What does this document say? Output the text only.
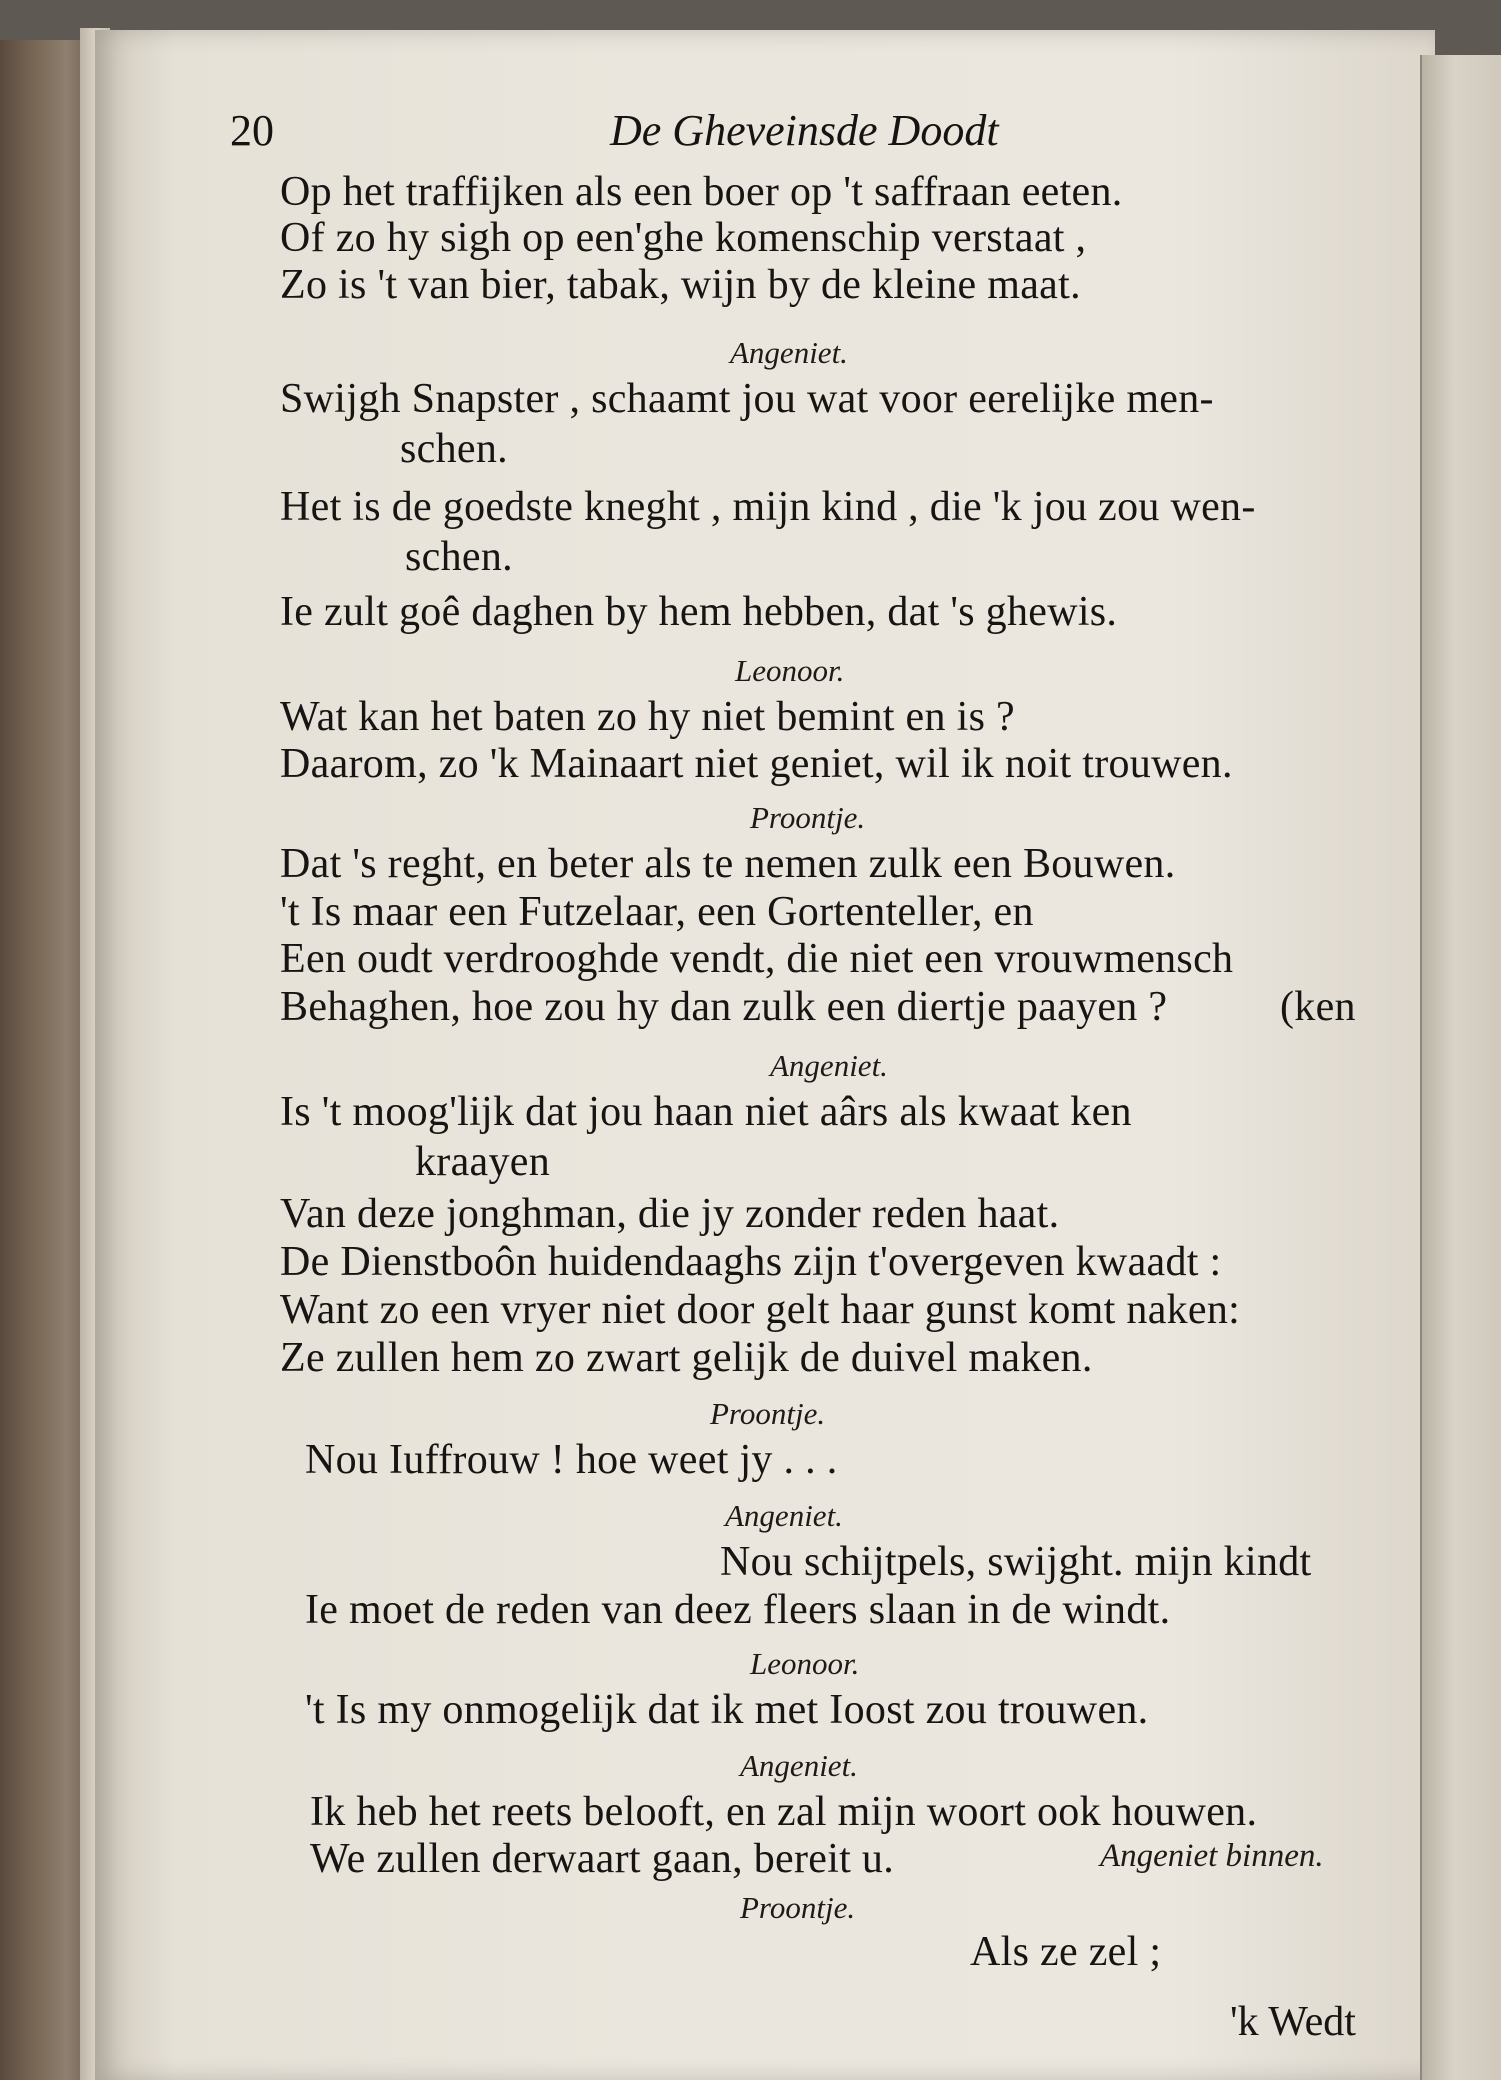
20	De Gheveinsde Doodt
Op het traffijken als een boer op 't saffraan eeten.
Of zo hy sigh op een'ghe komenschip verstaat ,
Zo is 't van bier, tabak, wijn by de kleine maat.
Angeniet.
Swijgh Snapster , schaamt jou wat voor eerelijke men-
schen.
Het is de goedste kneght , mijn kind , die 'k jou zou wen-
schen.
Ie zult goê daghen by hem hebben, dat 's ghewis.
Leonoor.
Wat kan het baten zo hy niet bemint en is ?
Daarom, zo 'k Mainaart niet geniet, wil ik noit trouwen.
Proontje.
Dat 's reght, en beter als te nemen zulk een Bouwen.
't Is maar een Futzelaar, een Gortenteller, en
Een oudt verdrooghde vendt, die niet een vrouwmensch
Behaghen, hoe zou hy dan zulk een diertje paayen ?	(ken
Angeniet.
Is 't moog'lijk dat jou haan niet aârs als kwaat ken
kraayen
Van deze jonghman, die jy zonder reden haat.
De Dienstboôn huidendaaghs zijn t'overgeven kwaadt :
Want zo een vryer niet door gelt haar gunst komt naken:
Ze zullen hem zo zwart gelijk de duivel maken.
Proontje.
Nou Iuffrouw ! hoe weet jy . . .
Angeniet.
Nou schijtpels, swijght. mijn kindt
Ie moet de reden van deez fleers slaan in de windt.
Leonoor.
't Is my onmogelijk dat ik met Ioost zou trouwen.
Angeniet.
Ik heb het reets belooft, en zal mijn woort ook houwen.
We zullen derwaart gaan, bereit u.	Angeniet binnen.
Proontje.
Als ze zel ;
'k Wedt
